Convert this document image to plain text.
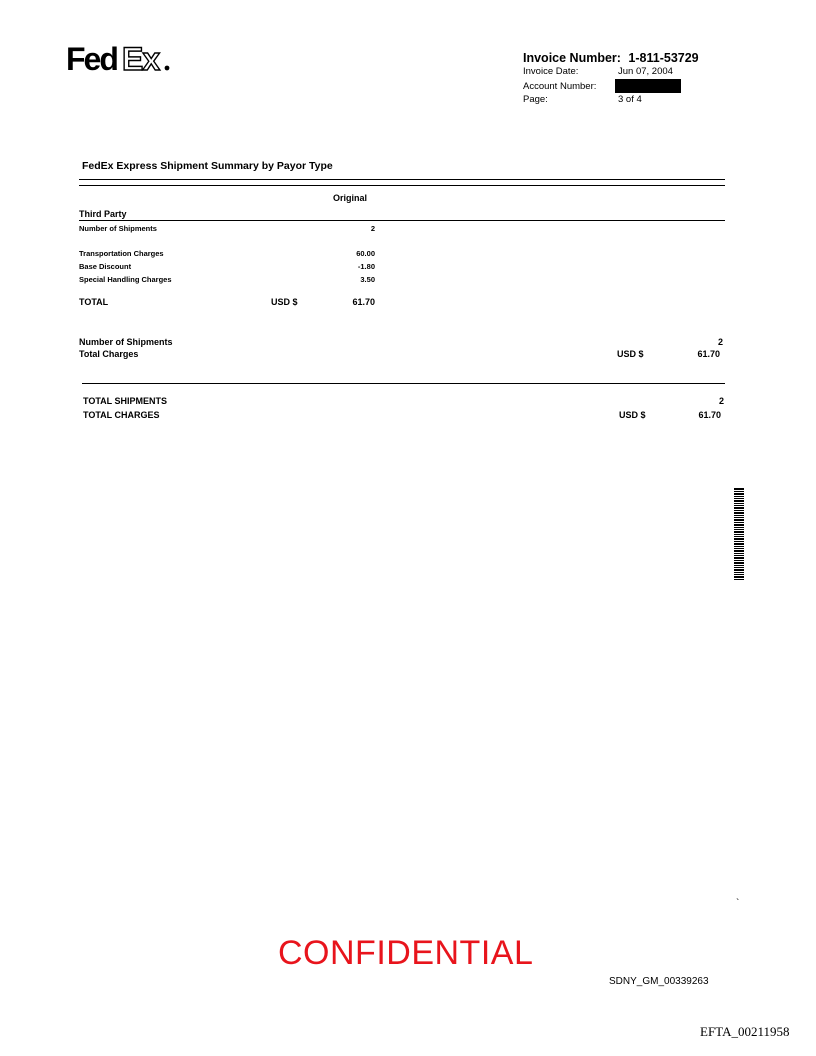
Fed Ex	Invoice Number: 1-811-53729
Invoice Date:	Jun 07, 2004
Account Number:
Page:	3 of 4
FedEx Express Shipment Summary by Payor Type
Original
Third Party
Number of Shipments	2
Transportation Charges	60.00
Base Discount	-1.80
Special Handling Charges	3.50
TOTAL	USD $	61.70
Number of Shipments	2
Total Charges	USD $	61.70
TOTAL SHIPMENTS	2
TOTAL CHARGES	USD $	61.70
`
CONFIDENTIAL
SDNY_GM_00339263
EFTA_00211958
